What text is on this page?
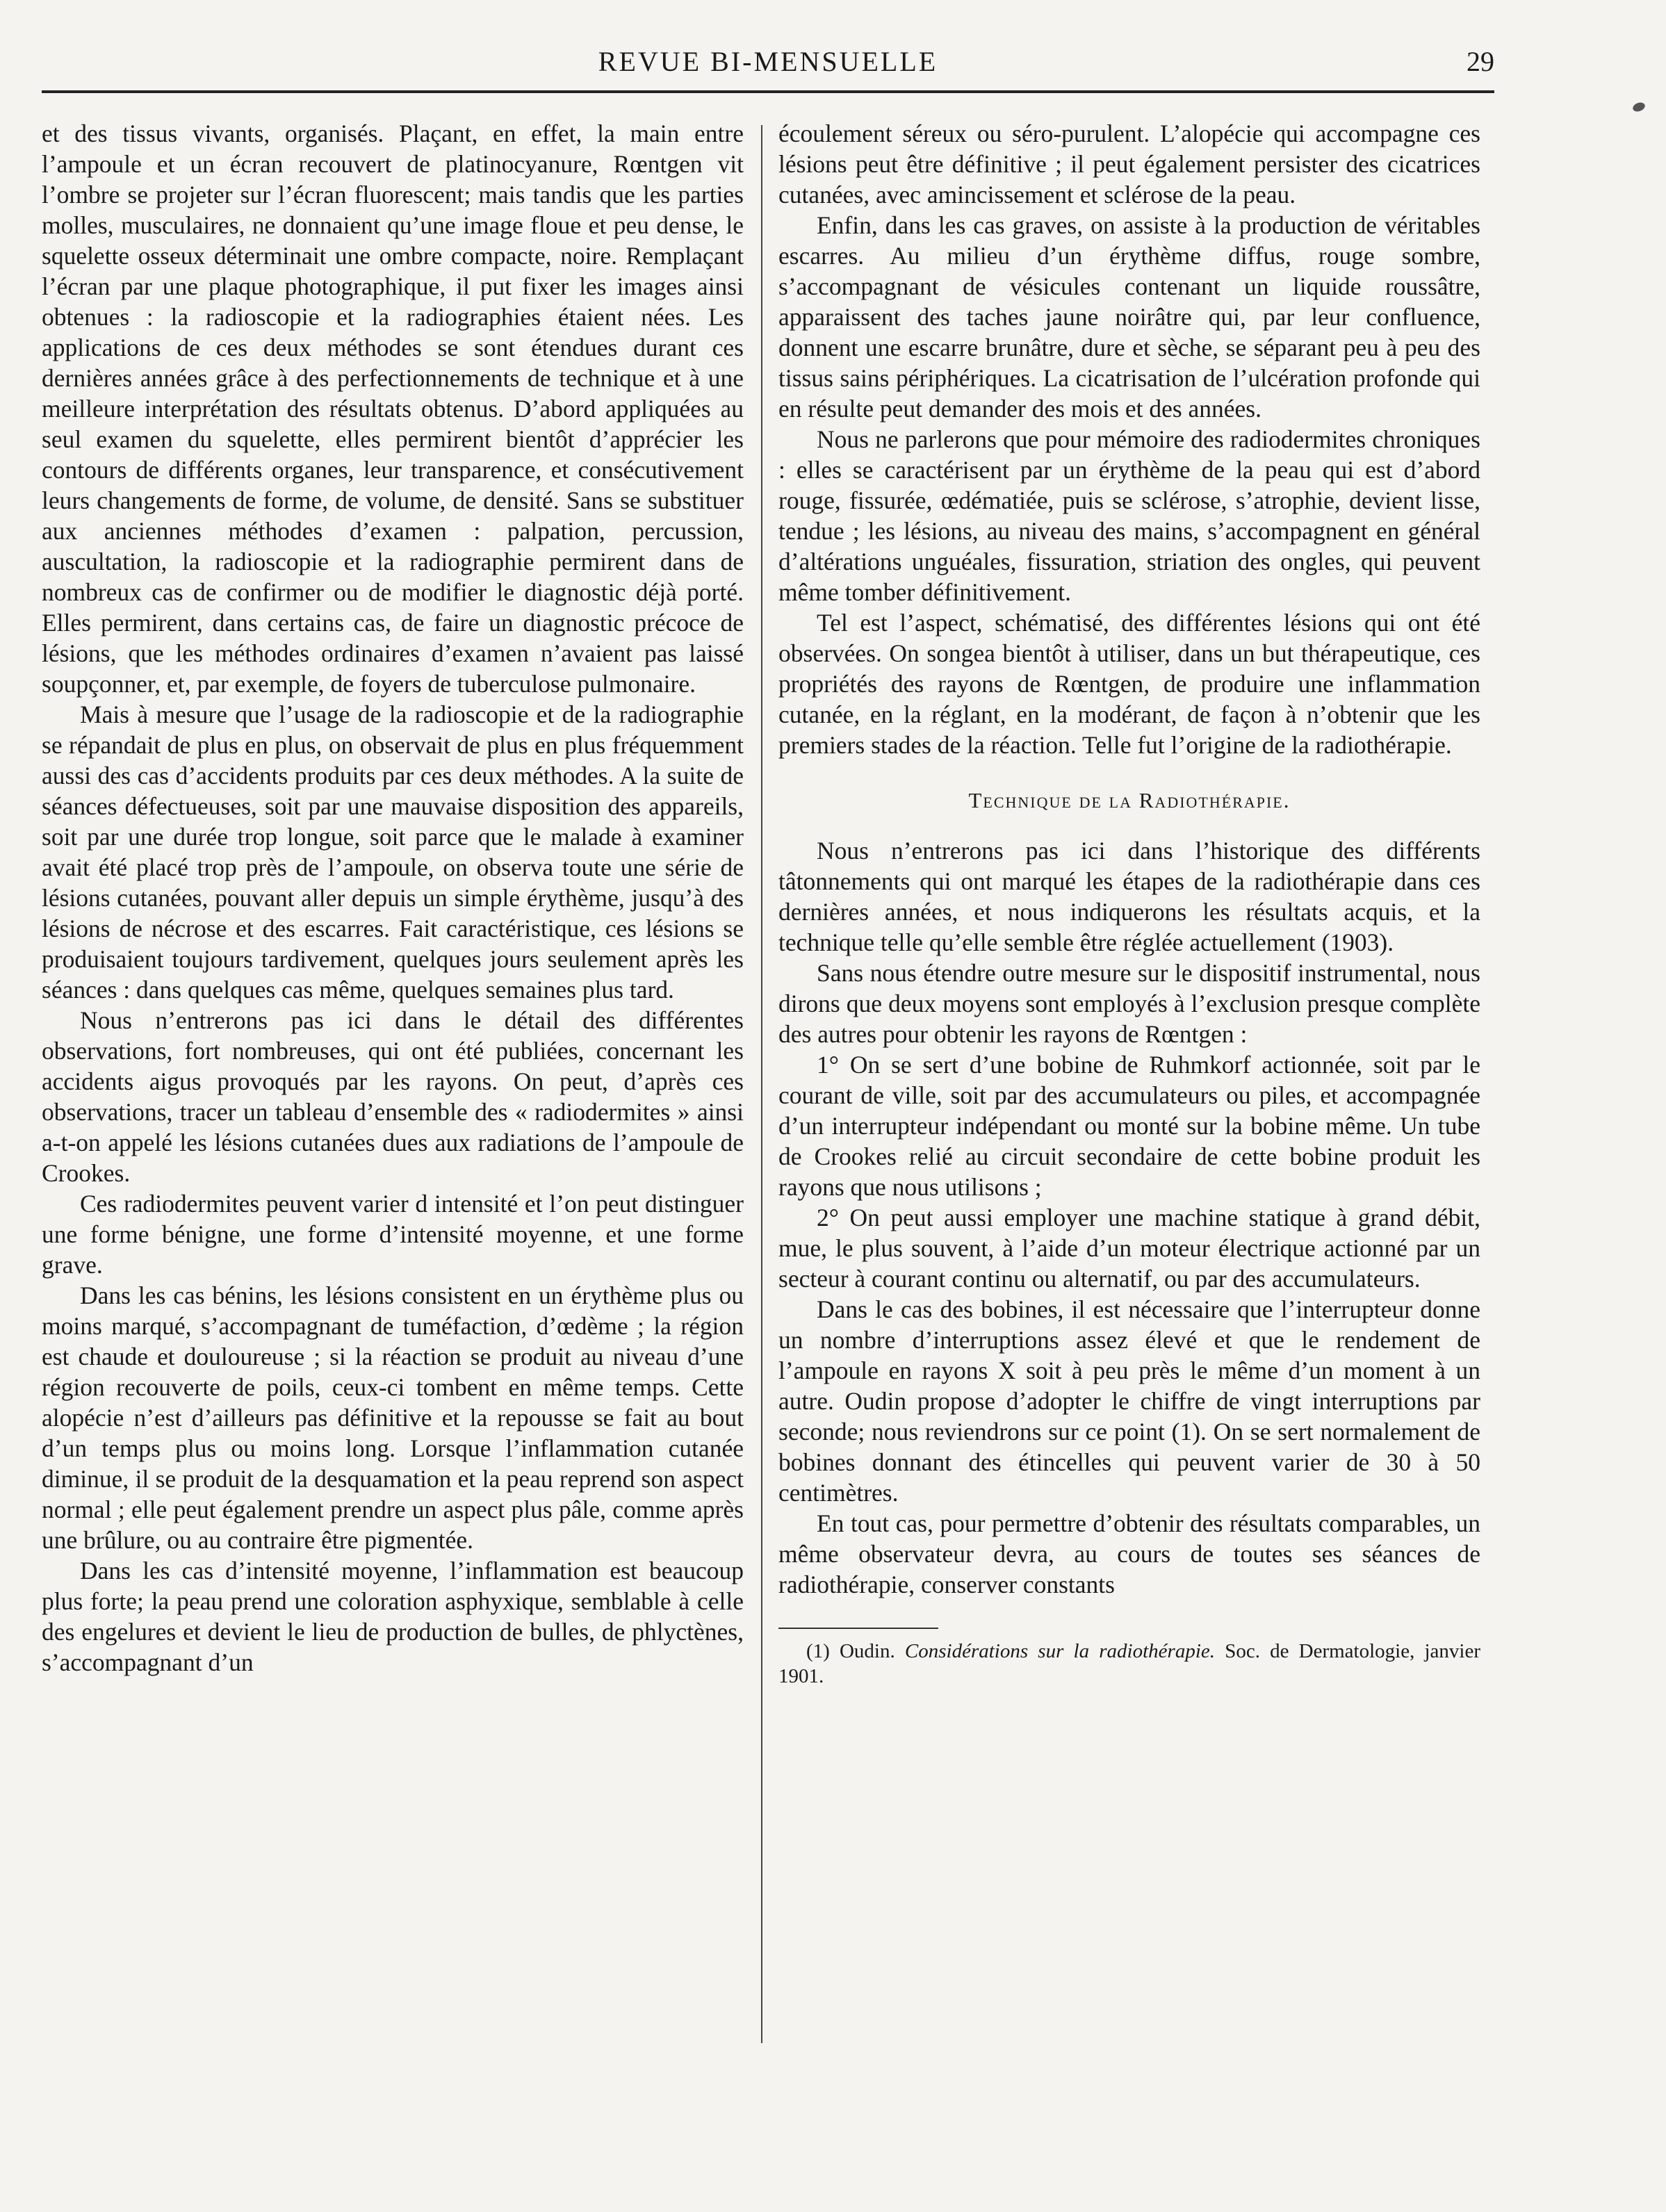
REVUE BI-MENSUELLE	29

et des tissus vivants, organisés. Plaçant, en effet, la main entre l’ampoule et un écran recouvert de platinocyanure, Rœntgen vit l’ombre se projeter sur l’écran fluorescent; mais tandis que les parties molles, musculaires, ne donnaient qu’une image floue et peu dense, le squelette osseux déterminait une ombre compacte, noire. Remplaçant l’écran par une plaque photographique, il put fixer les images ainsi obtenues : la radioscopie et la radiographies étaient nées. Les applications de ces deux méthodes se sont étendues durant ces dernières années grâce à des perfectionnements de technique et à une meilleure interprétation des résultats obtenus. D’abord appliquées au seul examen du squelette, elles permirent bientôt d’apprécier les contours de différents organes, leur transparence, et consécutivement leurs changements de forme, de volume, de densité. Sans se substituer aux anciennes méthodes d’examen : palpation, percussion, auscultation, la radioscopie et la radiographie permirent dans de nombreux cas de confirmer ou de modifier le diagnostic déjà porté. Elles permirent, dans certains cas, de faire un diagnostic précoce de lésions, que les méthodes ordinaires d’examen n’avaient pas laissé soupçonner, et, par exemple, de foyers de tuberculose pulmonaire.

Mais à mesure que l’usage de la radioscopie et de la radiographie se répandait de plus en plus, on observait de plus en plus fréquemment aussi des cas d’accidents produits par ces deux méthodes. A la suite de séances défectueuses, soit par une mauvaise disposition des appareils, soit par une durée trop longue, soit parce que le malade à examiner avait été placé trop près de l’ampoule, on observa toute une série de lésions cutanées, pouvant aller depuis un simple érythème, jusqu’à des lésions de nécrose et des escarres. Fait caractéristique, ces lésions se produisaient toujours tardivement, quelques jours seulement après les séances : dans quelques cas même, quelques semaines plus tard.

Nous n’entrerons pas ici dans le détail des différentes observations, fort nombreuses, qui ont été publiées, concernant les accidents aigus provoqués par les rayons. On peut, d’après ces observations, tracer un tableau d’ensemble des « radiodermites » ainsi a-t-on appelé les lésions cutanées dues aux radiations de l’ampoule de Crookes.

Ces radiodermites peuvent varier d intensité et l’on peut distinguer une forme bénigne, une forme d’intensité moyenne, et une forme grave.

Dans les cas bénins, les lésions consistent en un érythème plus ou moins marqué, s’accompagnant de tuméfaction, d’œdème ; la région est chaude et douloureuse ; si la réaction se produit au niveau d’une région recouverte de poils, ceux-ci tombent en même temps. Cette alopécie n’est d’ailleurs pas définitive et la repousse se fait au bout d’un temps plus ou moins long. Lorsque l’inflammation cutanée diminue, il se produit de la desquamation et la peau reprend son aspect normal ; elle peut également prendre un aspect plus pâle, comme après une brûlure, ou au contraire être pigmentée.

Dans les cas d’intensité moyenne, l’inflammation est beaucoup plus forte; la peau prend une coloration asphyxique, semblable à celle des engelures et devient le lieu de production de bulles, de phlyctènes, s’accompagnant d’un

écoulement séreux ou séro-purulent. L’alopécie qui accompagne ces lésions peut être définitive ; il peut également persister des cicatrices cutanées, avec amincissement et sclérose de la peau.

Enfin, dans les cas graves, on assiste à la production de véritables escarres. Au milieu d’un érythème diffus, rouge sombre, s’accompagnant de vésicules contenant un liquide roussâtre, apparaissent des taches jaune noirâtre qui, par leur confluence, donnent une escarre brunâtre, dure et sèche, se séparant peu à peu des tissus sains périphériques. La cicatrisation de l’ulcération profonde qui en résulte peut demander des mois et des années.

Nous ne parlerons que pour mémoire des radiodermites chroniques : elles se caractérisent par un érythème de la peau qui est d’abord rouge, fissurée, œdématiée, puis se sclérose, s’atrophie, devient lisse, tendue ; les lésions, au niveau des mains, s’accompagnent en général d’altérations unguéales, fissuration, striation des ongles, qui peuvent même tomber définitivement.

Tel est l’aspect, schématisé, des différentes lésions qui ont été observées. On songea bientôt à utiliser, dans un but thérapeutique, ces propriétés des rayons de Rœntgen, de produire une inflammation cutanée, en la réglant, en la modérant, de façon à n’obtenir que les premiers stades de la réaction. Telle fut l’origine de la radiothérapie.

Technique de la Radiothérapie.

Nous n’entrerons pas ici dans l’historique des différents tâtonnements qui ont marqué les étapes de la radiothérapie dans ces dernières années, et nous indiquerons les résultats acquis, et la technique telle qu’elle semble être réglée actuellement (1903).

Sans nous étendre outre mesure sur le dispositif instrumental, nous dirons que deux moyens sont employés à l’exclusion presque complète des autres pour obtenir les rayons de Rœntgen :

1° On se sert d’une bobine de Ruhmkorf actionnée, soit par le courant de ville, soit par des accumulateurs ou piles, et accompagnée d’un interrupteur indépendant ou monté sur la bobine même. Un tube de Crookes relié au circuit secondaire de cette bobine produit les rayons que nous utilisons ;

2° On peut aussi employer une machine statique à grand débit, mue, le plus souvent, à l’aide d’un moteur électrique actionné par un secteur à courant continu ou alternatif, ou par des accumulateurs.

Dans le cas des bobines, il est nécessaire que l’interrupteur donne un nombre d’interruptions assez élevé et que le rendement de l’ampoule en rayons X soit à peu près le même d’un moment à un autre. Oudin propose d’adopter le chiffre de vingt interruptions par seconde; nous reviendrons sur ce point (1). On se sert normalement de bobines donnant des étincelles qui peuvent varier de 30 à 50 centimètres.

En tout cas, pour permettre d’obtenir des résultats comparables, un même observateur devra, au cours de toutes ses séances de radiothérapie, conserver constants

(1) Oudin. Considérations sur la radiothérapie. Soc. de Dermatologie, janvier 1901.
